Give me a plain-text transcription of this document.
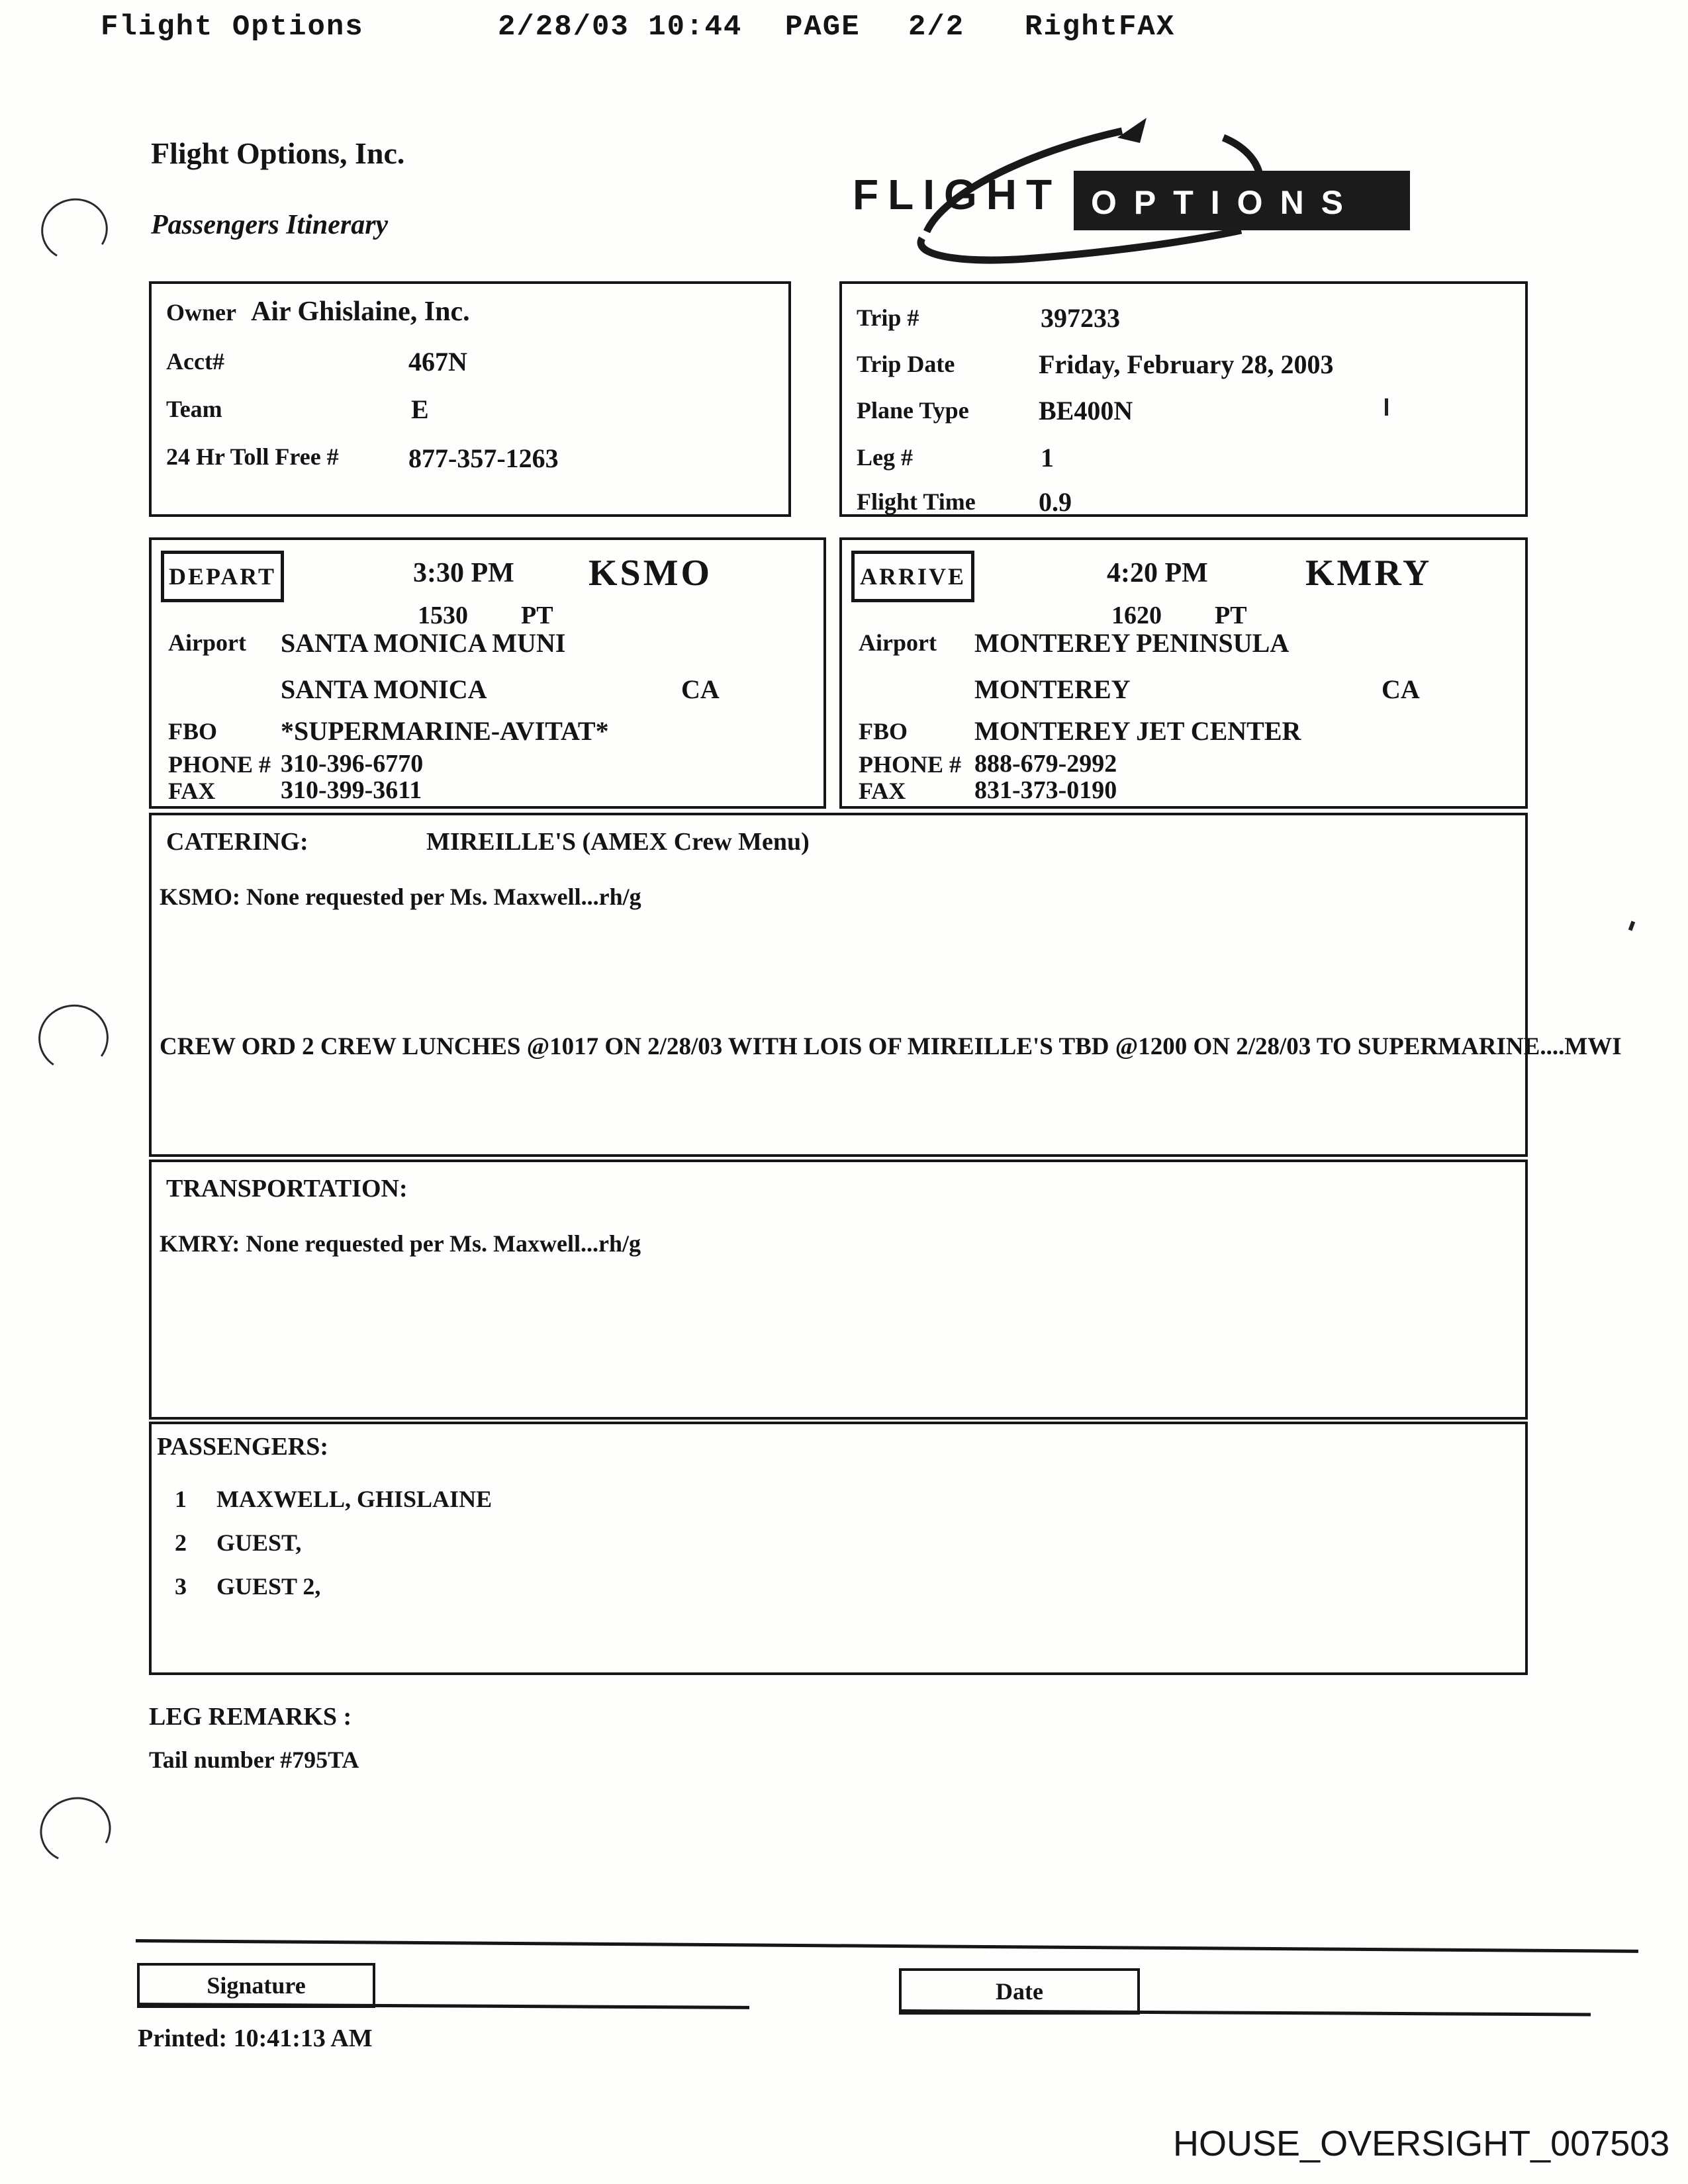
Flight Options	2/28/03 10:44 PAGE 2/2 RightFAX
Flight Options, Inc.
Passengers Itinerary
FLIGHT OPTIONS
Owner Air Ghislaine, Inc.
Acct#	467N
Team	E
24 Hr Toll Free #	877-357-1263
Trip #	397233
Trip Date	Friday, February 28, 2003
Plane Type	BE400N
Leg #	1
Flight Time 0.9
DEPART	3:30 PM
1530 PT
KSMO
Airport SANTA MONICA MUNI
SANTA MONICA	CA
FBO *SUPERMARINE-AVITAT*
PHONE # 310-396-6770
FAX	310-399-3611
ARRIVE	4:20 PM
1620 PT
KMRY
Airport MONTEREY PENINSULA
MONTEREY	CA
FBO	MONTEREY JET CENTER
PHONE # 888-679-2992
FAX	831-373-0190
CATERING:	MIREILLE'S (AMEX Crew Menu)
KSMO: None requested per Ms. Maxwell...rh/g
CREW ORD 2 CREW LUNCHES @1017 ON 2/28/03 WITH LOIS OF MIREILLE'S TBD @1200 ON 2/28/03 TO SUPERMARINE....MWI
TRANSPORTATION:
KMRY: None requested per Ms. Maxwell...rh/g
PASSENGERS:
1 MAXWELL, GHISLAINE
2 GUEST,
3 GUEST 2,
LEG REMARKS :
Tail number #795TA
Signature	Date
Printed: 10:41:13 AM
HOUSE_OVERSIGHT_007503
